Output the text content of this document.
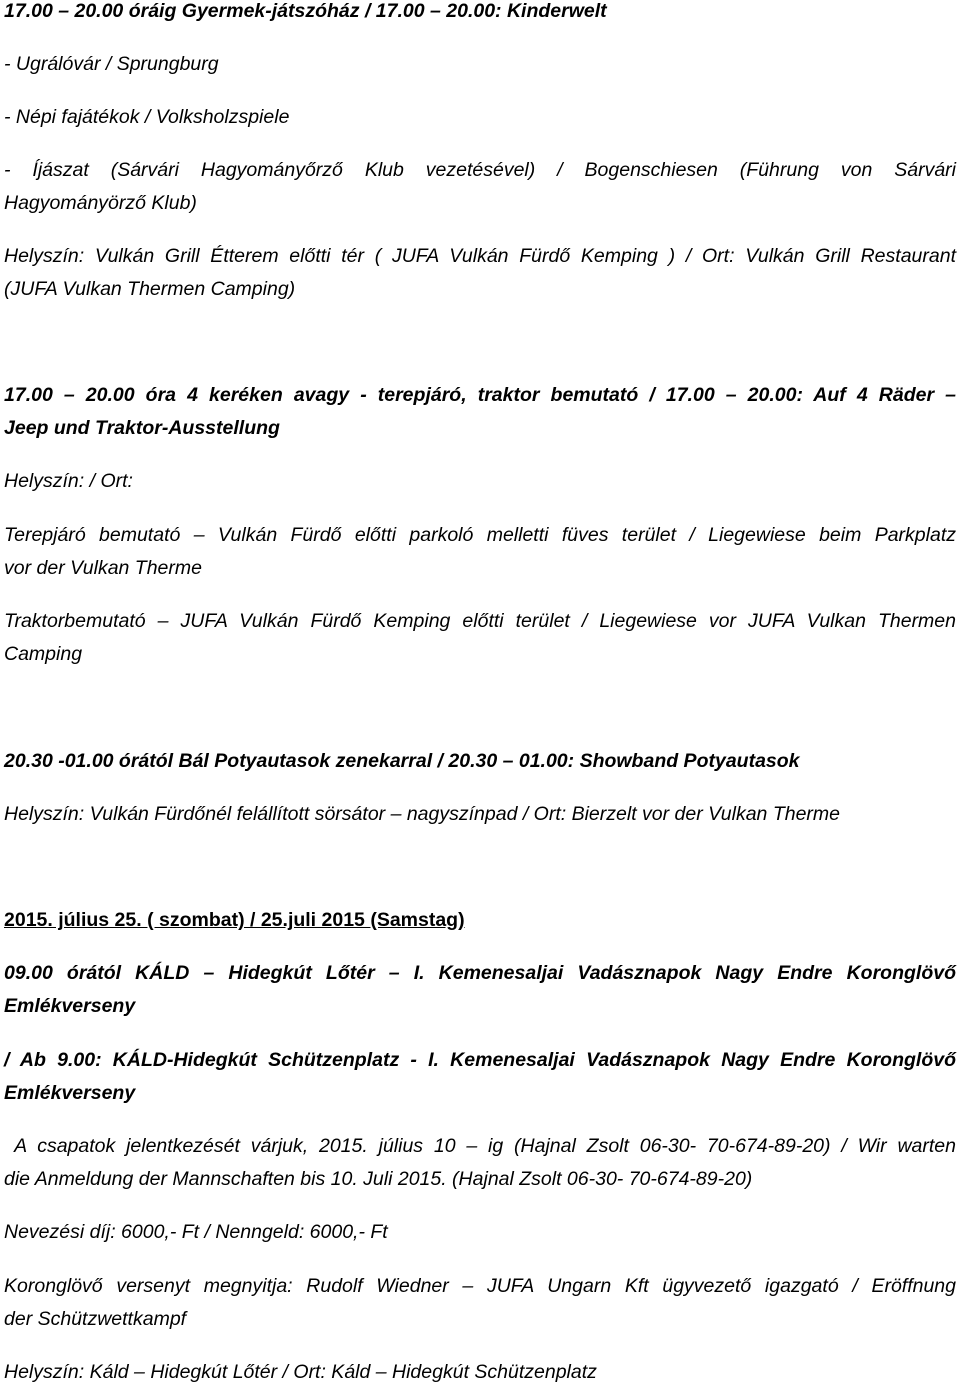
17.00 – 20.00 óráig Gyermek-játszóház / 17.00 – 20.00: Kinderwelt
- Ugrálóvár / Sprungburg
- Népi fajátékok / Volksholzspiele
- Íjászat (Sárvári Hagyományőrző Klub vezetésével) / Bogenschiesen (Führung von Sárvári
Hagyományörző Klub)
Helyszín: Vulkán Grill Étterem előtti tér ( JUFA Vulkán Fürdő Kemping ) / Ort: Vulkán Grill Restaurant
(JUFA Vulkan Thermen Camping)
17.00 – 20.00 óra 4 keréken avagy - terepjáró, traktor bemutató / 17.00 – 20.00: Auf 4 Räder –
Jeep und Traktor-Ausstellung
Helyszín: / Ort:
Terepjáró bemutató – Vulkán Fürdő előtti parkoló melletti füves terület / Liegewiese beim Parkplatz
vor der Vulkan Therme
Traktorbemutató – JUFA Vulkán Fürdő Kemping előtti terület / Liegewiese vor JUFA Vulkan Thermen
Camping
20.30 -01.00 órától Bál Potyautasok zenekarral / 20.30 – 01.00: Showband Potyautasok
Helyszín: Vulkán Fürdőnél felállított sörsátor – nagyszínpad / Ort: Bierzelt vor der Vulkan Therme
2015. július 25. ( szombat) / 25.juli 2015 (Samstag)
09.00 órától KÁLD – Hidegkút Lőtér – I. Kemenesaljai Vadásznapok Nagy Endre Koronglövő
Emlékverseny
/ Ab 9.00: KÁLD-Hidegkút Schützenplatz - I. Kemenesaljai Vadásznapok Nagy Endre Koronglövő
Emlékverseny
A csapatok jelentkezését várjuk, 2015. július 10 – ig (Hajnal Zsolt 06-30- 70-674-89-20) / Wir warten
die Anmeldung der Mannschaften bis 10. Juli 2015. (Hajnal Zsolt 06-30- 70-674-89-20)
Nevezési díj: 6000,- Ft / Nenngeld: 6000,- Ft
Koronglövő versenyt megnyitja: Rudolf Wiedner – JUFA Ungarn Kft ügyvezető igazgató / Eröffnung
der Schützwettkampf
Helyszín: Káld – Hidegkút Lőtér / Ort: Káld – Hidegkút Schützenplatz
